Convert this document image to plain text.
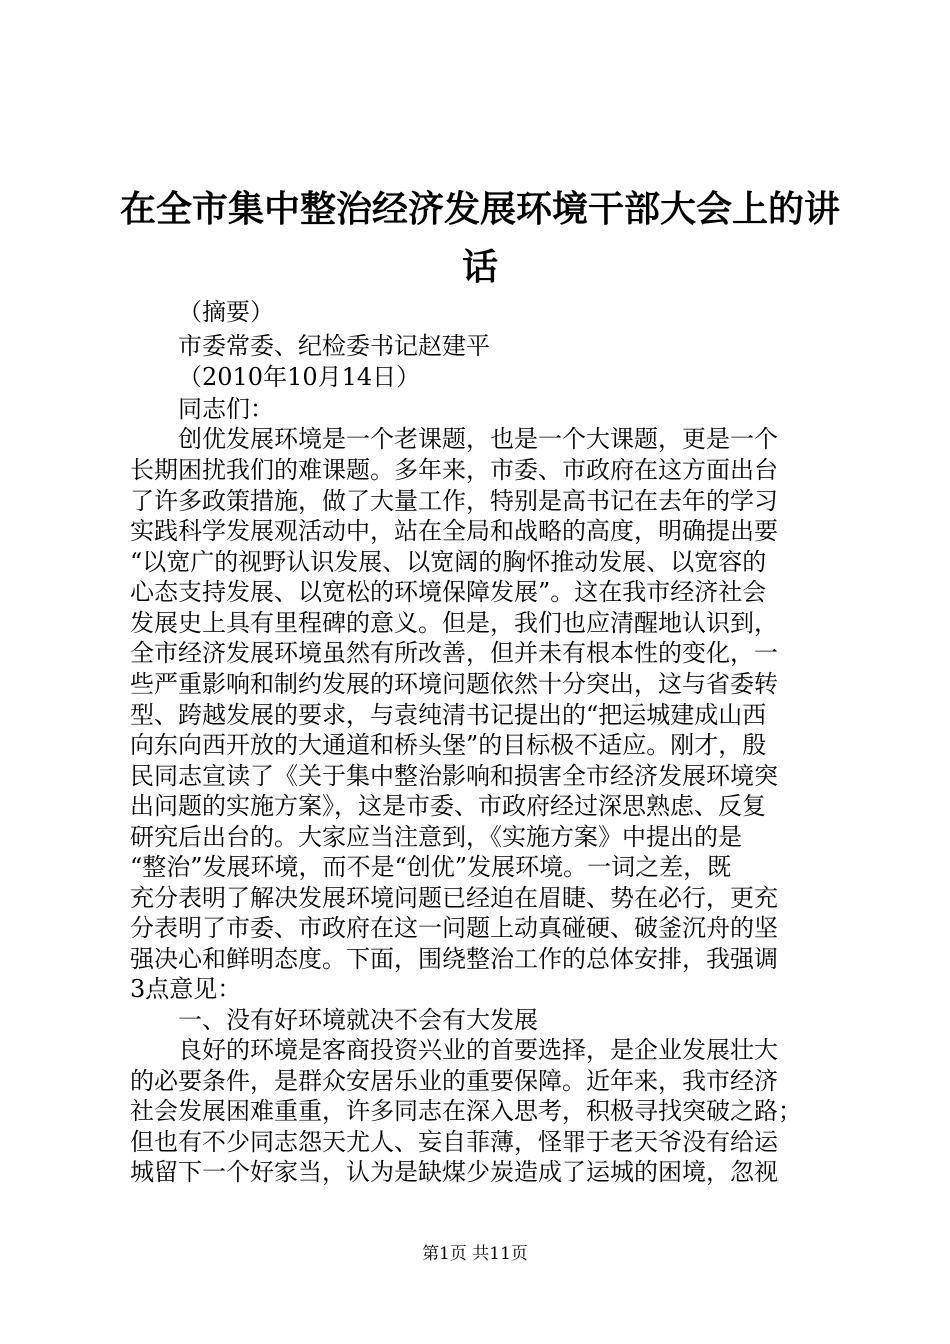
在全市集中整治经济发展环境干部大会上的讲
话
（摘要）
市委常委、纪检委书记赵建平
（2010年10月14日）
同志们：
创优发展环境是一个老课题，也是一个大课题，更是一个
长期困扰我们的难课题。多年来，市委、市政府在这方面出台
了许多政策措施，做了大量工作，特别是高书记在去年的学习
实践科学发展观活动中，站在全局和战略的高度，明确提出要
“以宽广的视野认识发展、以宽阔的胸怀推动发展、以宽容的
心态支持发展、以宽松的环境保障发展”。这在我市经济社会
发展史上具有里程碑的意义。但是，我们也应清醒地认识到，
全市经济发展环境虽然有所改善，但并未有根本性的变化，一
些严重影响和制约发展的环境问题依然十分突出，这与省委转
型、跨越发展的要求，与袁纯清书记提出的“把运城建成山西
向东向西开放的大通道和桥头堡”的目标极不适应。刚才，殷
民同志宣读了《关于集中整治影响和损害全市经济发展环境突
出问题的实施方案》，这是市委、市政府经过深思熟虑、反复
研究后出台的。大家应当注意到，《实施方案》中提出的是
“整治”发展环境，而不是“创优”发展环境。一词之差，既
充分表明了解决发展环境问题已经迫在眉睫、势在必行，更充
分表明了市委、市政府在这一问题上动真碰硬、破釜沉舟的坚
强决心和鲜明态度。下面，围绕整治工作的总体安排，我强调
3点意见：
一、没有好环境就决不会有大发展
良好的环境是客商投资兴业的首要选择，是企业发展壮大
的必要条件，是群众安居乐业的重要保障。近年来，我市经济
社会发展困难重重，许多同志在深入思考，积极寻找突破之路；
但也有不少同志怨天尤人、妄自菲薄，怪罪于老天爷没有给运
城留下一个好家当，认为是缺煤少炭造成了运城的困境，忽视
第1页 共11页
